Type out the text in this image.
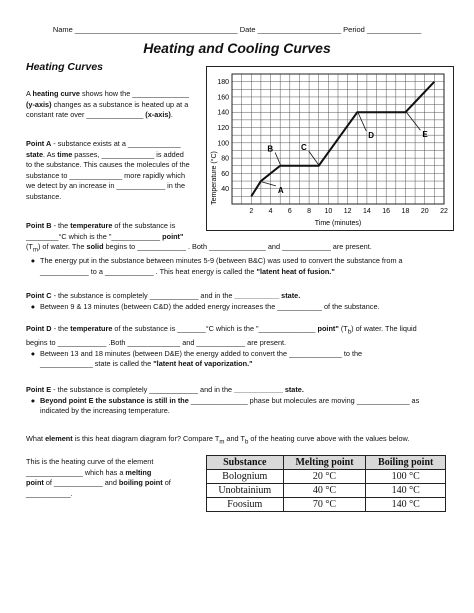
Name _______________________________________ Date ____________________ Period _____________
Heating and Cooling Curves
Heating Curves

A heating curve shows how the ______________

(y-axis) changes as a substance is heated up at a

constant rate over ______________ (x-axis).

Point A - substance exists at a _____________

state. As time passes, _____________ is added

to the substance. This causes the molecules of the

substance to _____________ more rapidly which

we detect by an increase in ____________ in the

substance.

2 4 6 8 10 12 14 16 18 20 22
40
60
80
100
120
140
160
180
A
B	C
D	E
Time (minutes)
Temperature (°C)

Point B - the temperature of the substance is

________°C which is the "____________ point"

$(T_m)$ of water. The solid begins to ____________ . Both ______________ and ____________ are present.

● The energy put in the substance between minutes 5-9 (between B&C) was used to convert the substance from a

____________ to a ____________ . This heat energy is called the "latent heat of fusion."

Point C - the substance is completely ____________ and in the ___________ state.

● Between 9 & 13 minutes (between C&D) the added energy increases the ___________ of the substance.

Point D - the temperature of the substance is _______°C which is the "______________ point" $(T_b)$ of water. The liquid

begins to ____________ .Both _____________ and ____________ are present.

● Between 13 and 18 minutes (between D&E) the energy added to convert the _____________ to the

_____________ state is called the "latent heat of vaporization."

Point E - the substance is completely ____________ and in the ____________ state.

● Beyond point E the substance is still in the ______________ phase but molecules are moving _____________ as

indicated by the increasing temperature.

What element is this heat diagram diagram for? Compare $T_m$ and $T_b$ of the heating curve above with the values below.

This is the heating curve of the element

______________ which has a melting

point of ____________ and boiling point of

___________.

Substance	Melting point	Boiling point
Bolognium	20 °C	100 °C
Unobtainium	40 °C	140 °C
Foosium	70 °C	140 °C
